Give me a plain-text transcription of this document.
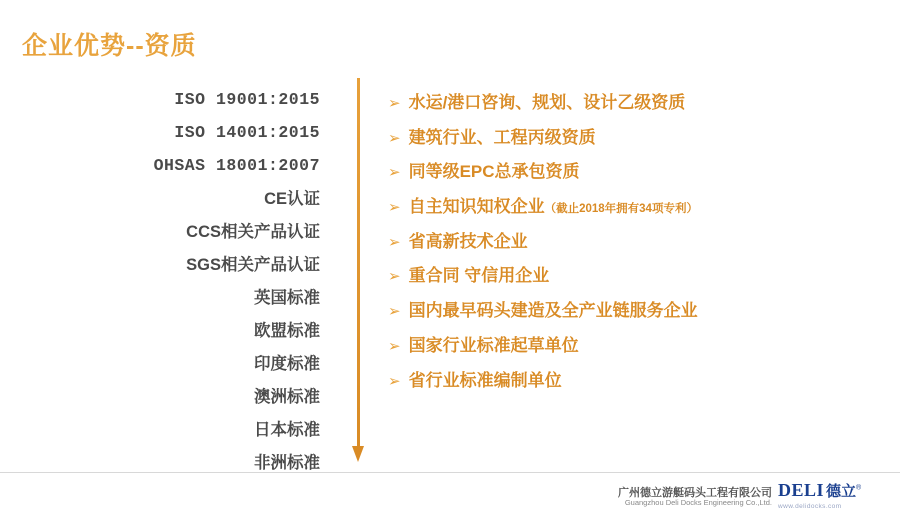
企业优势--资质
ISO 19001:2015
ISO 14001:2015
OHSAS 18001:2007
CE认证
CCS相关产品认证
SGS相关产品认证
英国标准
欧盟标准
印度标准
澳洲标准
日本标准
非洲标准
➢ 水运/港口咨询、规划、设计乙级资质
➢ 建筑行业、工程丙级资质
➢ 同等级EPC总承包资质
➢ 自主知识知权企业 （截止2018年拥有34项专利）
➢ 省高新技术企业
➢ 重合同 守信用企业
➢ 国内最早码头建造及全产业链服务企业
➢ 国家行业标准起草单位
➢ 省行业标准编制单位
广州德立游艇码头工程有限公司
Guangzhou Deli Docks Engineering Co.,Ltd.
DELI 德立®
www.delidocks.com
